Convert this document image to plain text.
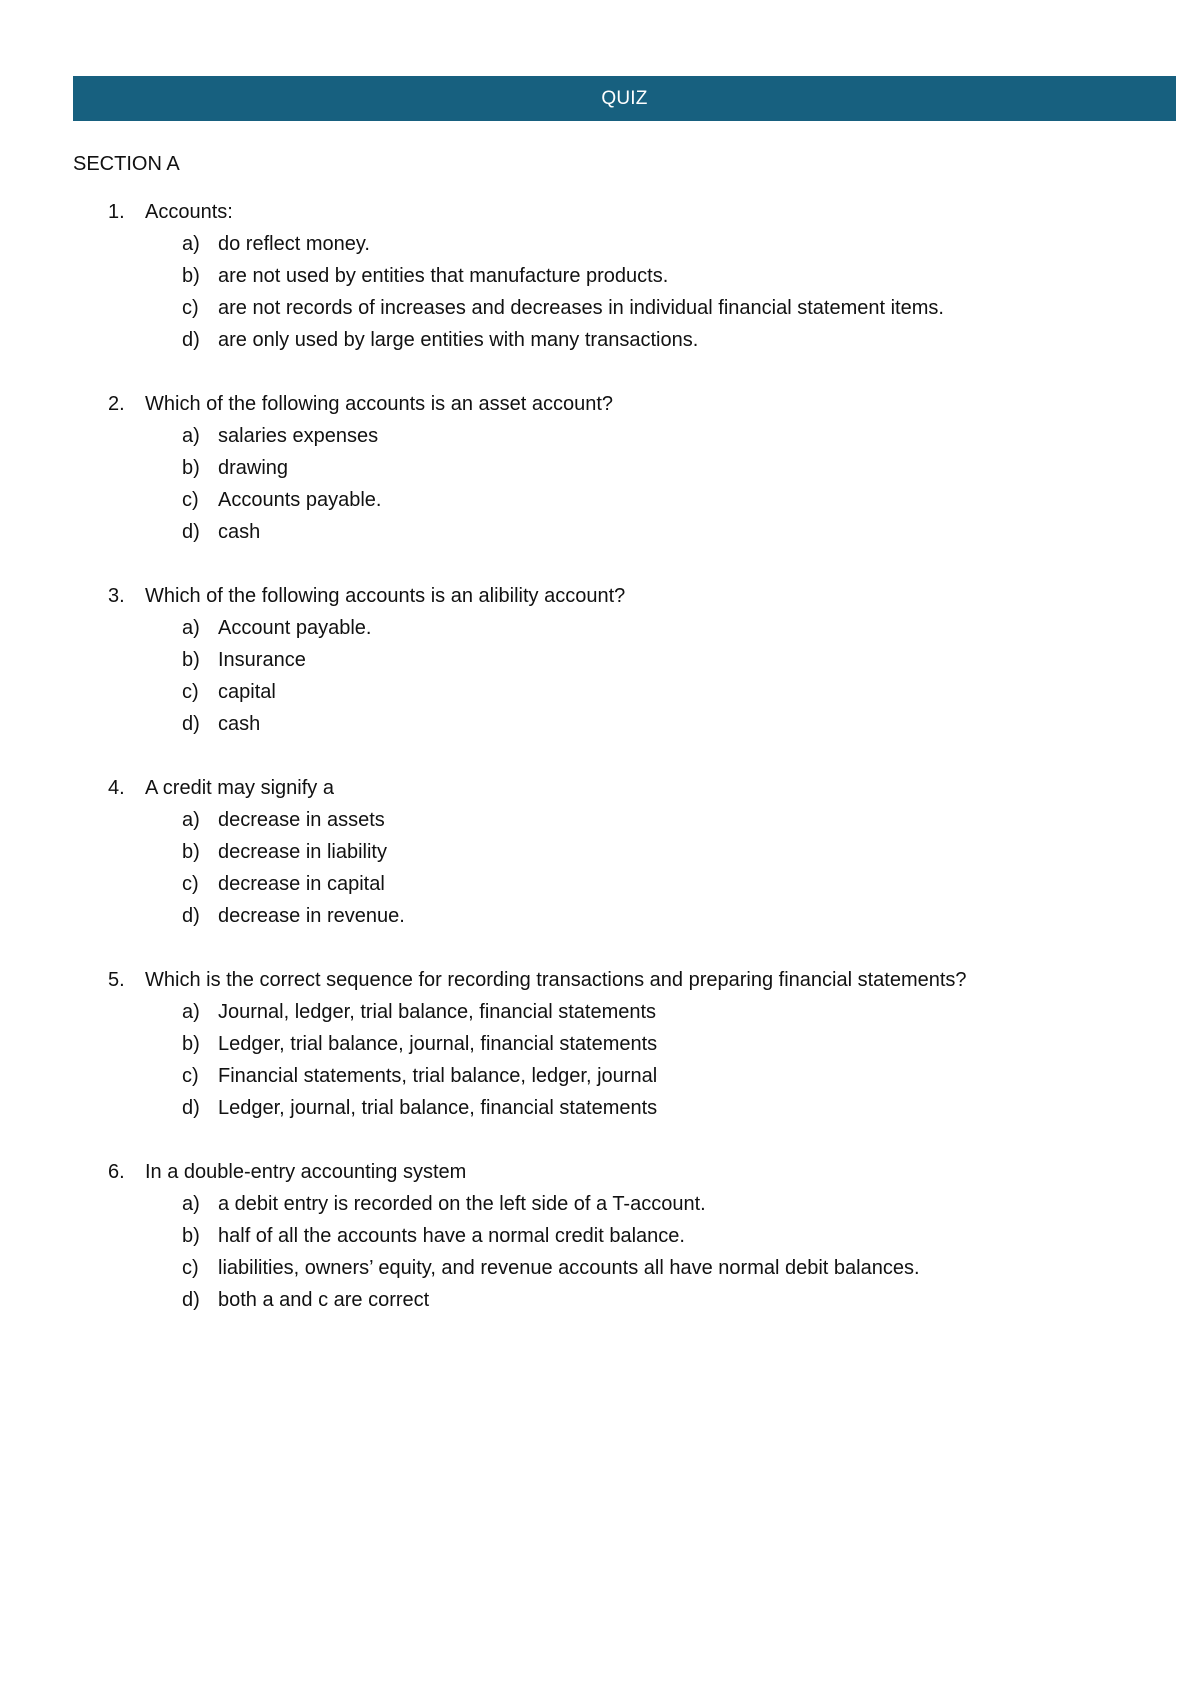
QUIZ
SECTION A
1.	Accounts:
a) do reflect money.
b) are not used by entities that manufacture products.
c) are not records of increases and decreases in individual financial statement items.
d) are only used by large entities with many transactions.
2.	Which of the following accounts is an asset account?
a) salaries expenses
b) drawing
c) Accounts payable.
d) cash
3.	Which of the following accounts is an alibility account?
a) Account payable.
b) Insurance
c) capital
d) cash
4.	A credit may signify a
a) decrease in assets
b) decrease in liability
c) decrease in capital
d) decrease in revenue.
5.	Which is the correct sequence for recording transactions and preparing financial statements?
a) Journal, ledger, trial balance, financial statements
b) Ledger, trial balance, journal, financial statements
c) Financial statements, trial balance, ledger, journal
d) Ledger, journal, trial balance, financial statements
6.	In a double-entry accounting system
a) a debit entry is recorded on the left side of a T-account.
b) half of all the accounts have a normal credit balance.
c) liabilities, owners’ equity, and revenue accounts all have normal debit balances.
d) both a and c are correct
